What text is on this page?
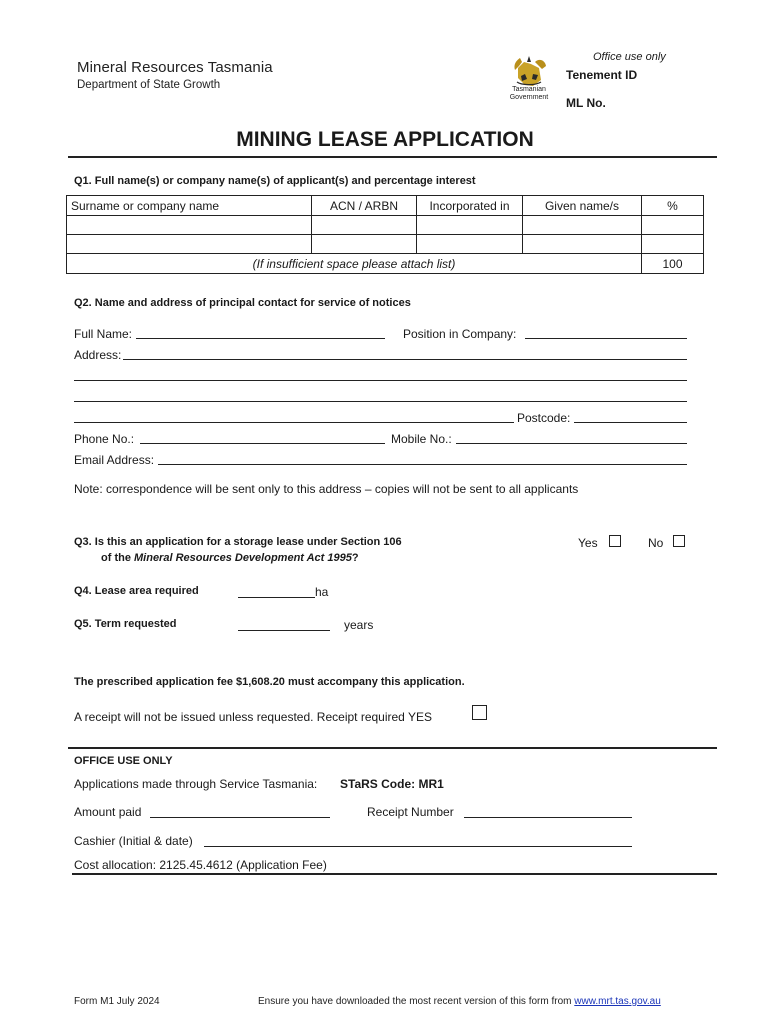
Mineral Resources Tasmania
Department of State Growth	Tasmanian Government
Office use only
Tenement ID
ML No.
MINING LEASE APPLICATION
Q1. Full name(s) or company name(s) of applicant(s) and percentage interest
Surname or company name	ACN / ARBN	Incorporated in	Given name/s	%

(If insufficient space please attach list)				100
Q2. Name and address of principal contact for service of notices
Full Name:	Position in Company:
Address:
Postcode:
Phone No.:	Mobile No.:
Email Address:
Note: correspondence will be sent only to this address – copies will not be sent to all applicants
Q3. Is this an application for a storage lease under Section 106
of the Mineral Resources Development Act 1995?
Yes	No
Q4. Lease area required	ha
Q5. Term requested	years
The prescribed application fee $1,608.20 must accompany this application.
A receipt will not be issued unless requested. Receipt required YES
OFFICE USE ONLY
Applications made through Service Tasmania: STaRS Code: MR1
Amount paid	Receipt Number
Cashier (Initial & date)
Cost allocation: 2125.45.4612 (Application Fee)
Form M1 July 2024	Ensure you have downloaded the most recent version of this form from www.mrt.tas.gov.au
